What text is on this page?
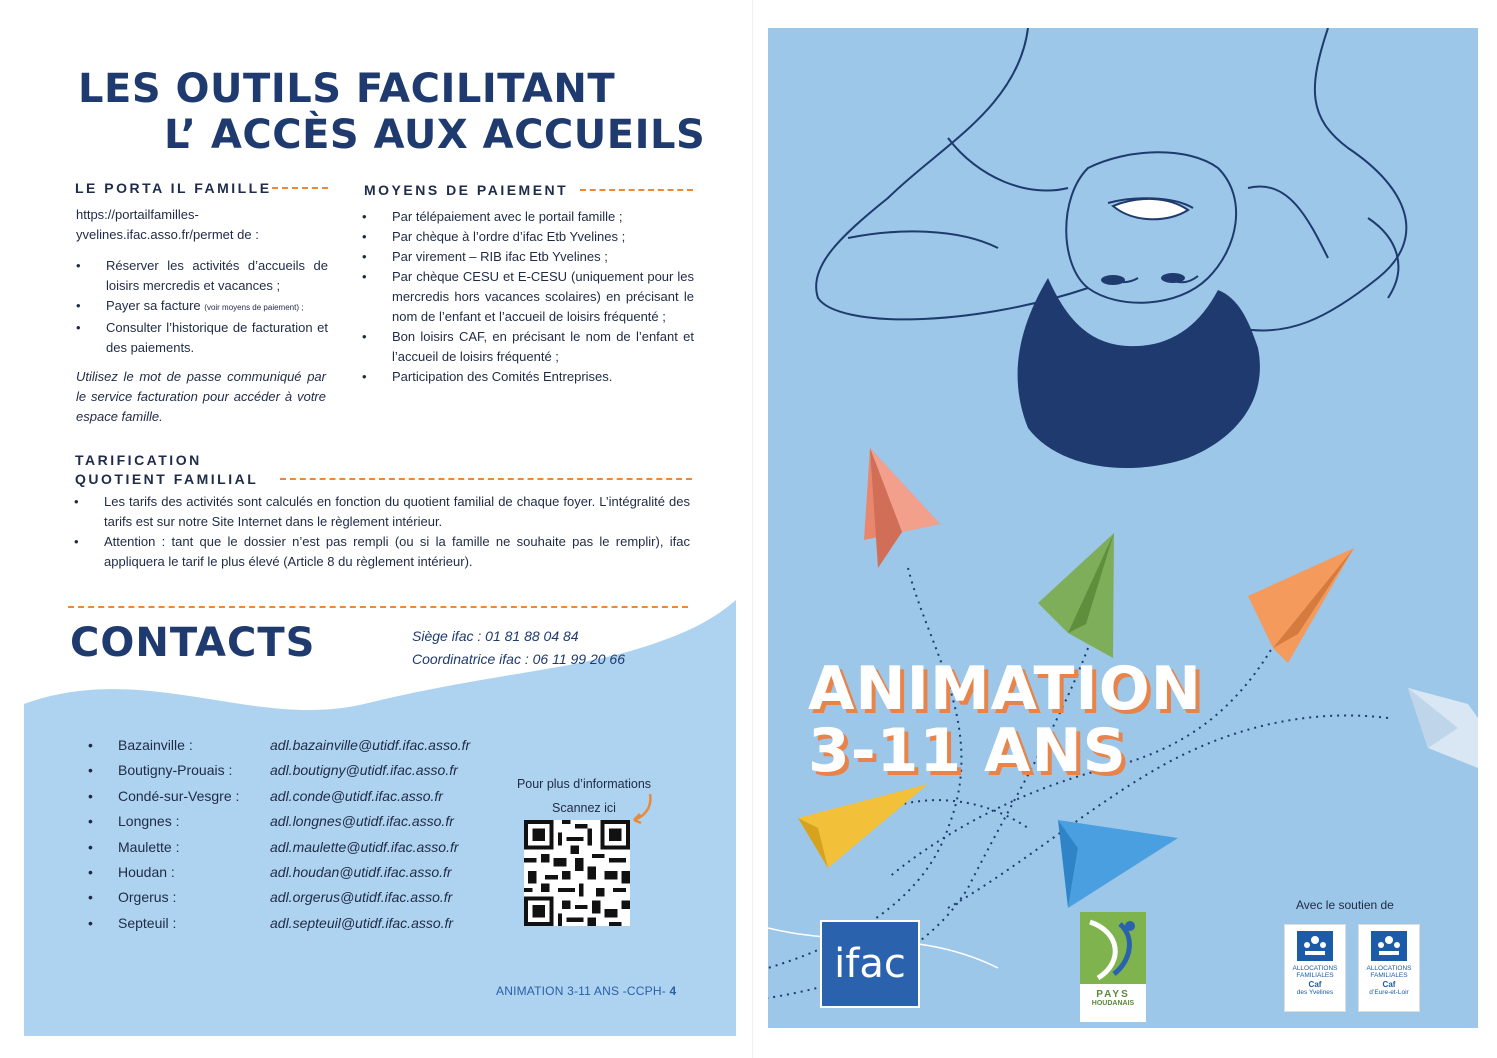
LES OUTILS FACILITANT
L’ ACCÈS AUX ACCUEILS
LE PORTA IL FAMILLE
https://portailfamilles-
yvelines.ifac.asso.fr/permet de :
• Réserver les activités d’accueils de loisirs mercredis et vacances ;
• Payer sa facture (voir moyens de paiement) ;
• Consulter l’historique de facturation et des paiements.
Utilisez le mot de passe communiqué par le service facturation pour accéder à votre espace famille.
MOYENS DE PAIEMENT
• Par télépaiement avec le portail famille ;
• Par chèque à l’ordre d’ifac Etb Yvelines ;
• Par virement – RIB ifac Etb Yvelines ;
• Par chèque CESU et E-CESU (uniquement pour les mercredis hors vacances scolaires) en précisant le nom de l’enfant et l’accueil de loisirs fréquenté ;
• Bon loisirs CAF, en précisant le nom de l’enfant et l’accueil de loisirs fréquenté ;
• Participation des Comités Entreprises.
TARIFICATION
QUOTIENT FAMILIAL
• Les tarifs des activités sont calculés en fonction du quotient familial de chaque foyer. L’intégralité des tarifs est sur notre Site Internet dans le règlement intérieur.
• Attention : tant que le dossier n’est pas rempli (ou si la famille ne souhaite pas le remplir), ifac appliquera le tarif le plus élevé (Article 8 du règlement intérieur).
CONTACTS	Siège ifac : 01 81 88 04 84
Coordinatrice ifac : 06 11 99 20 66
•	Bazainville :	adl.bazainville@utidf.ifac.asso.fr
•	Boutigny-Prouais :	adl.boutigny@utidf.ifac.asso.fr
•	Condé-sur-Vesgre :	adl.conde@utidf.ifac.asso.fr
•	Longnes :	adl.longnes@utidf.ifac.asso.fr
•	Maulette :	adl.maulette@utidf.ifac.asso.fr
•	Houdan :	adl.houdan@utidf.ifac.asso.fr
•	Orgerus :	adl.orgerus@utidf.ifac.asso.fr
•	Septeuil :	adl.septeuil@utidf.ifac.asso.fr
Pour plus d’informations
Scannez ici
ANIMATION 3-11 ANS -CCPH- 4
ANIMATION
3-11 ANS
ifac
PAYS
HOUDANAIS
Avec le soutien de
ALLOCATIONS
FAMILIALES
Caf
des Yvelines
ALLOCATIONS
FAMILIALES
Caf
d’Eure-et-Loir
